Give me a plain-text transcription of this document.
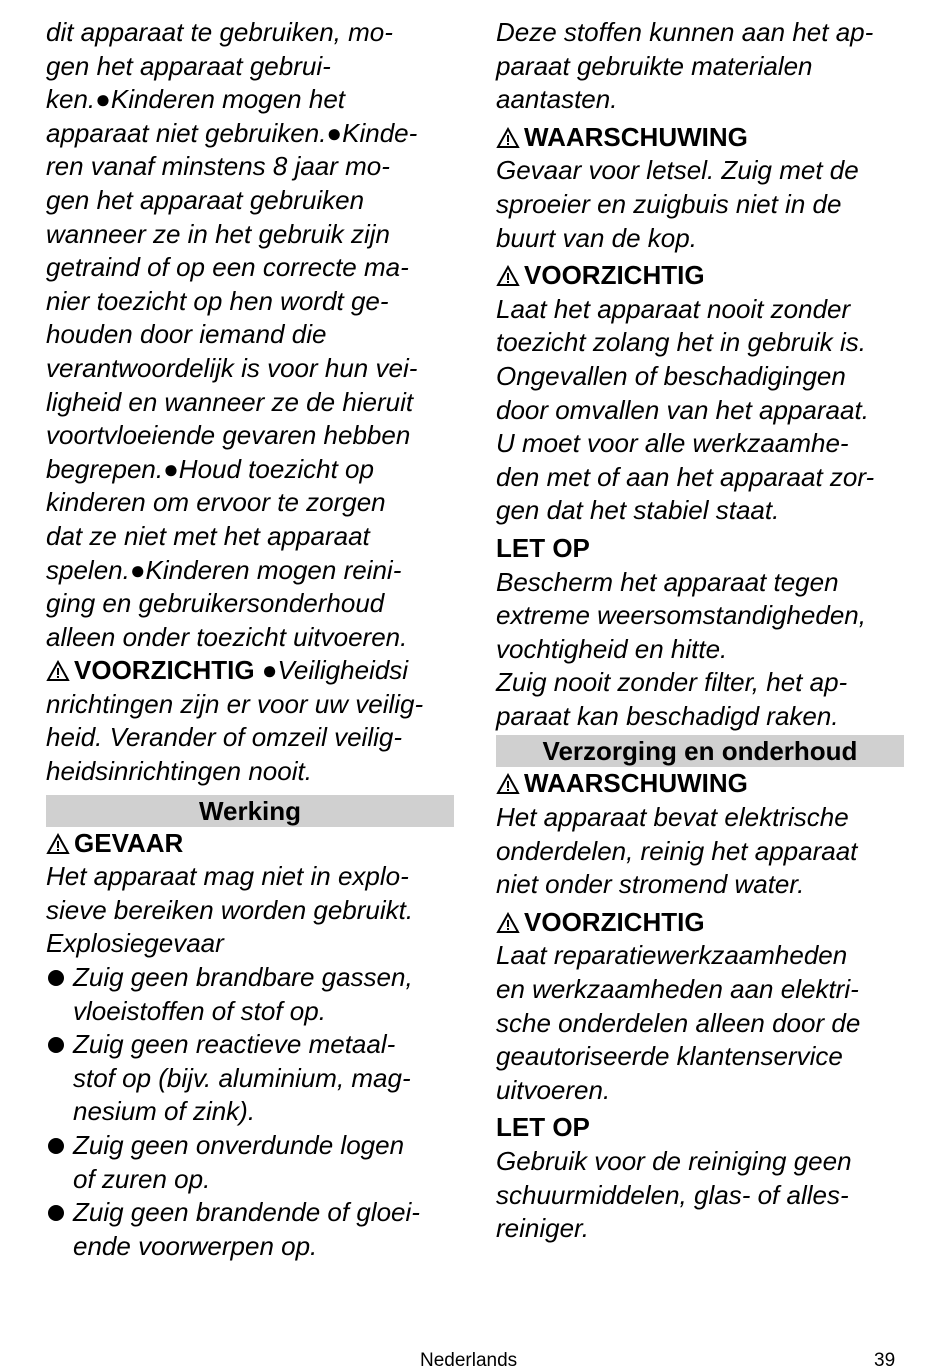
dit apparaat te gebruiken, mo-
gen het apparaat gebrui-
ken.●Kinderen mogen het
apparaat niet gebruiken.●Kinde-
ren vanaf minstens 8 jaar mo-
gen het apparaat gebruiken
wanneer ze in het gebruik zijn
getraind of op een correcte ma-
nier toezicht op hen wordt ge-
houden door iemand die
verantwoordelijk is voor hun vei-
ligheid en wanneer ze de hieruit
voortvloeiende gevaren hebben
begrepen.●Houd toezicht op
kinderen om ervoor te zorgen
dat ze niet met het apparaat
spelen.●Kinderen mogen reini-
ging en gebruikersonderhoud
alleen onder toezicht uitvoeren.
VOORZICHTIG ●Veiligheidsi
nrichtingen zijn er voor uw veilig-
heid. Verander of omzeil veilig-
heidsinrichtingen nooit.
Werking
GEVAAR
Het apparaat mag niet in explo-
sieve bereiken worden gebruikt.
Explosiegevaar
Zuig geen brandbare gassen,
vloeistoffen of stof op.
Zuig geen reactieve metaal-
stof op (bijv. aluminium, mag-
nesium of zink).
Zuig geen onverdunde logen
of zuren op.
Zuig geen brandende of gloei-
ende voorwerpen op.
Deze stoffen kunnen aan het ap-
paraat gebruikte materialen
aantasten.
WAARSCHUWING
Gevaar voor letsel. Zuig met de
sproeier en zuigbuis niet in de
buurt van de kop.
VOORZICHTIG
Laat het apparaat nooit zonder
toezicht zolang het in gebruik is.
Ongevallen of beschadigingen
door omvallen van het apparaat.
U moet voor alle werkzaamhe-
den met of aan het apparaat zor-
gen dat het stabiel staat.
LET OP
Bescherm het apparaat tegen
extreme weersomstandigheden,
vochtigheid en hitte.
Zuig nooit zonder filter, het ap-
paraat kan beschadigd raken.
Verzorging en onderhoud
WAARSCHUWING
Het apparaat bevat elektrische
onderdelen, reinig het apparaat
niet onder stromend water.
VOORZICHTIG
Laat reparatiewerkzaamheden
en werkzaamheden aan elektri-
sche onderdelen alleen door de
geautoriseerde klantenservice
uitvoeren.
LET OP
Gebruik voor de reiniging geen
schuurmiddelen, glas- of alles-
reiniger.
Nederlands	39
